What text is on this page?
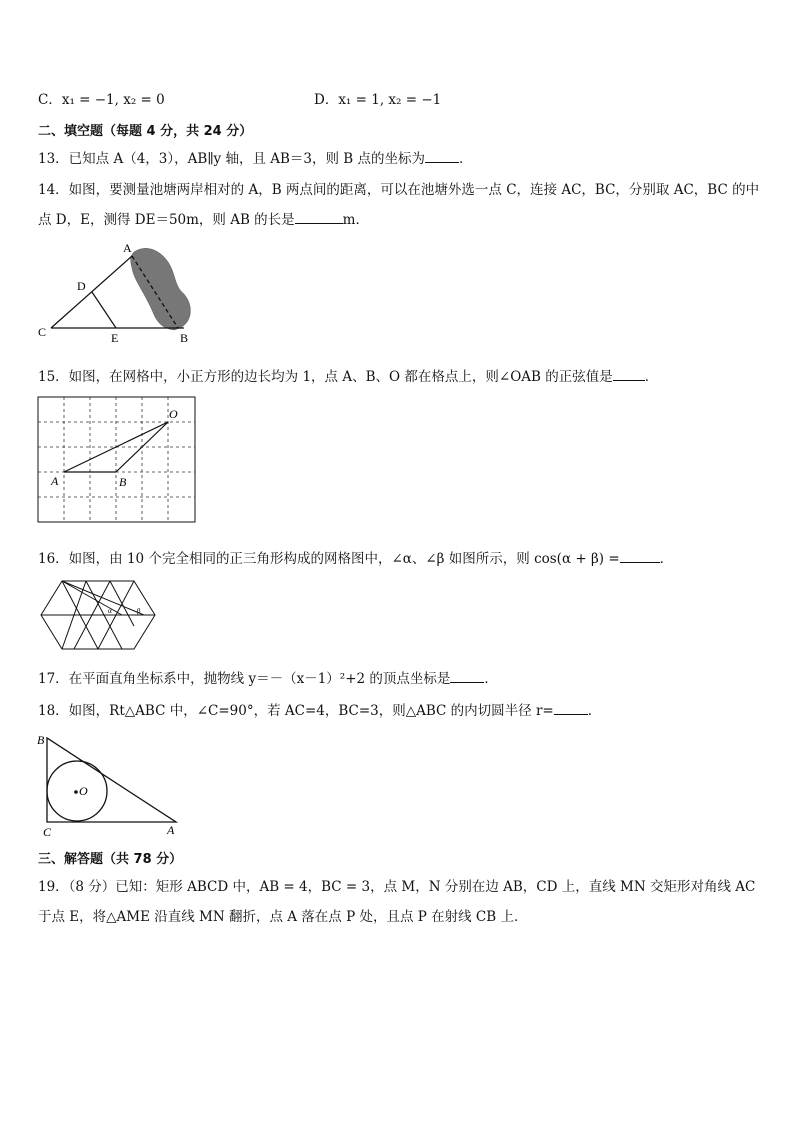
C．x₁ = −1, x₂ = 0	D．x₁ = 1, x₂ = −1
二、填空题（每题 4 分，共 24 分）
13．已知点 A（4，3），AB∥y 轴，且 AB＝3，则 B 点的坐标为	．
14．如图，要测量池塘两岸相对的 A，B 两点间的距离，可以在池塘外选一点 C，连接 AC，BC，分别取 AC，BC 的中
点 D，E，测得 DE＝50m，则 AB 的长是	m．
A
D
C	E	B
15．如图，在网格中，小正方形的边长均为 1，点 A、B、O 都在格点上，则∠OAB 的正弦值是 ．
O
A	B
16．如图，由 10 个完全相同的正三角形构成的网格图中，∠α、∠β 如图所示，则 cos(α + β) =	．
α	β
17．在平面直角坐标系中，抛物线 y＝－（x－1）²+2 的顶点坐标是	．
18．如图，Rt△ABC 中，∠C=90°，若 AC=4，BC=3，则△ABC 的内切圆半径 r=	．
O
B
C	A
三、解答题（共 78 分）
19．（8 分）已知：矩形 ABCD 中，AB = 4，BC = 3，点 M，N 分别在边 AB，CD 上，直线 MN 交矩形对角线 AC
于点 E，将△AME 沿直线 MN 翻折，点 A 落在点 P 处，且点 P 在射线 CB 上．
